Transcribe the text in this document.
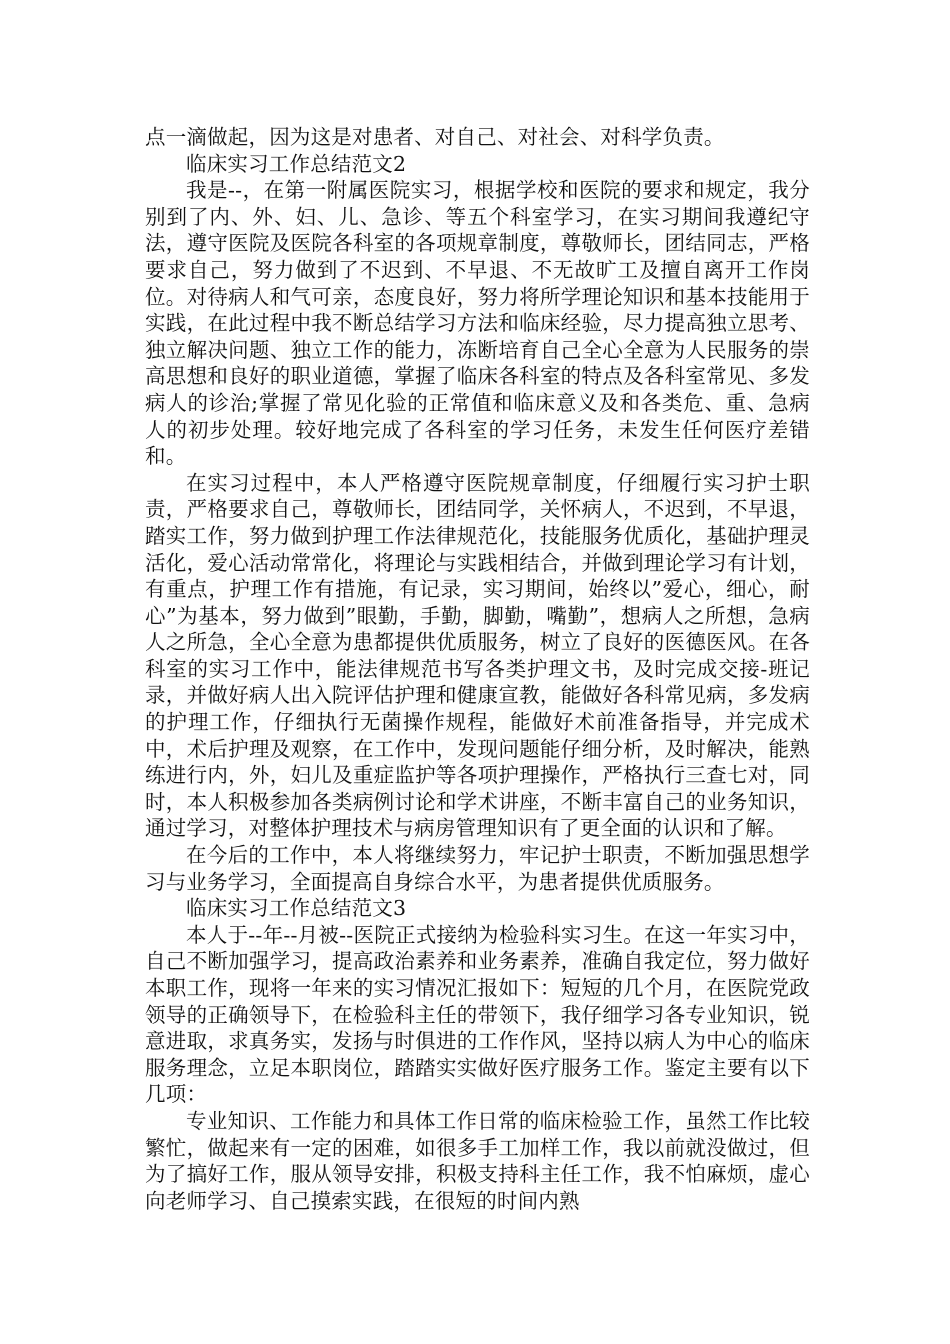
点一滴做起，因为这是对患者、对自己、对社会、对科学负责。

临床实习工作总结范文2

我是--，在第一附属医院实习，根据学校和医院的要求和规定，我分别到了内、外、妇、儿、急诊、等五个科室学习，在实习期间我遵纪守法，遵守医院及医院各科室的各项规章制度，尊敬师长，团结同志，严格要求自己，努力做到了不迟到、不早退、不无故旷工及擅自离开工作岗位。对待病人和气可亲，态度良好，努力将所学理论知识和基本技能用于实践，在此过程中我不断总结学习方法和临床经验，尽力提高独立思考、独立解决问题、独立工作的能力，冻断培育自己全心全意为人民服务的崇高思想和良好的职业道德，掌握了临床各科室的特点及各科室常见、多发病人的诊治;掌握了常见化验的正常值和临床意义及和各类危、重、急病人的初步处理。较好地完成了各科室的学习任务，未发生任何医疗差错和。

在实习过程中，本人严格遵守医院规章制度，仔细履行实习护士职责，严格要求自己，尊敬师长，团结同学，关怀病人，不迟到，不早退，踏实工作，努力做到护理工作法律规范化，技能服务优质化，基础护理灵活化，爱心活动常常化，将理论与实践相结合，并做到理论学习有计划，有重点，护理工作有措施，有记录，实习期间，始终以”爱心，细心，耐心”为基本，努力做到”眼勤，手勤，脚勤，嘴勤”，想病人之所想，急病人之所急，全心全意为患都提供优质服务，树立了良好的医德医风。在各科室的实习工作中，能法律规范书写各类护理文书，及时完成交接-班记录，并做好病人出入院评估护理和健康宣教，能做好各科常见病，多发病的护理工作，仔细执行无菌操作规程，能做好术前准备指导，并完成术中，术后护理及观察，在工作中，发现问题能仔细分析，及时解决，能熟练进行内，外，妇儿及重症监护等各项护理操作，严格执行三查七对，同时，本人积极参加各类病例讨论和学术讲座，不断丰富自己的业务知识，通过学习，对整体护理技术与病房管理知识有了更全面的认识和了解。

在今后的工作中，本人将继续努力，牢记护士职责，不断加强思想学习与业务学习，全面提高自身综合水平，为患者提供优质服务。

临床实习工作总结范文3

本人于--年--月被--医院正式接纳为检验科实习生。在这一年实习中，自己不断加强学习，提高政治素养和业务素养，准确自我定位，努力做好本职工作，现将一年来的实习情况汇报如下：短短的几个月，在医院党政领导的正确领导下，在检验科主任的带领下，我仔细学习各专业知识，锐意进取，求真务实，发扬与时俱进的工作作风，坚持以病人为中心的临床服务理念，立足本职岗位，踏踏实实做好医疗服务工作。鉴定主要有以下几项：

专业知识、工作能力和具体工作日常的临床检验工作，虽然工作比较繁忙，做起来有一定的困难，如很多手工加样工作，我以前就没做过，但为了搞好工作，服从领导安排，积极支持科主任工作，我不怕麻烦，虚心向老师学习、自己摸索实践，在很短的时间内熟
